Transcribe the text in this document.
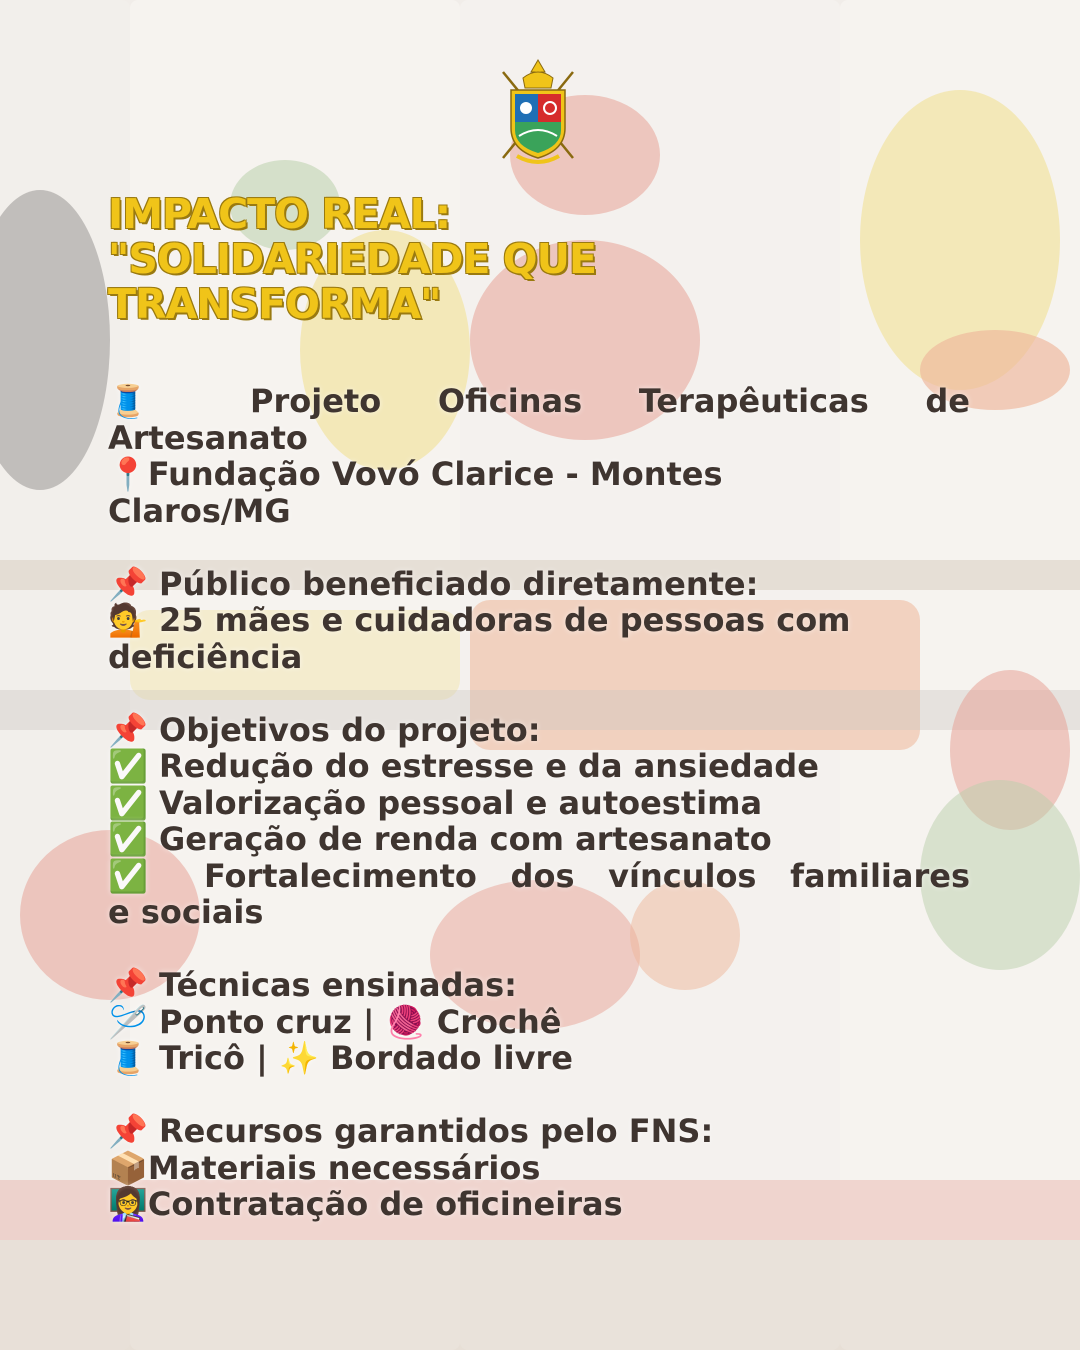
IMPACTO REAL:
"SOLIDARIEDADE QUE
TRANSFORMA"

🧵 Projeto Oficinas Terapêuticas de

Artesanato

📍Fundação Vovó Clarice - Montes

Claros/MG

📌 Público beneficiado diretamente:

💁 25 mães e cuidadoras de pessoas com

deficiência

📌 Objetivos do projeto:

✅ Redução do estresse e da ansiedade

✅ Valorização pessoal e autoestima

✅ Geração de renda com artesanato

✅ Fortalecimento dos vínculos familiares

e sociais

📌 Técnicas ensinadas:

🪡 Ponto cruz | 🧶 Crochê

🧵 Tricô | ✨ Bordado livre

📌 Recursos garantidos pelo FNS:

📦Materiais necessários

👩‍🏫Contratação de oficineiras
